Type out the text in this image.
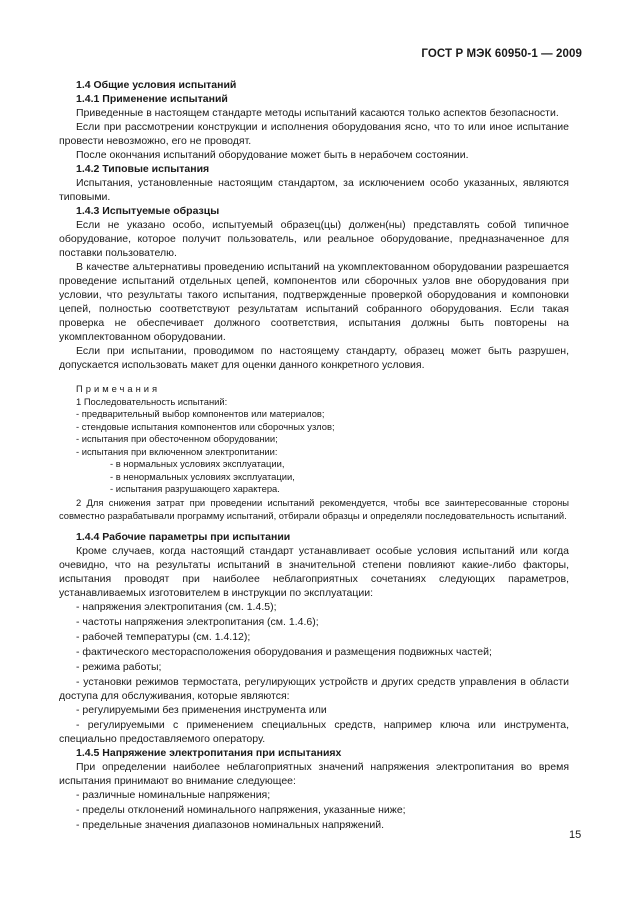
ГОСТ Р МЭК 60950-1 — 2009
1.4 Общие условия испытаний
1.4.1 Применение испытаний
Приведенные в настоящем стандарте методы испытаний касаются только аспектов безопасности.
Если при рассмотрении конструкции и исполнения оборудования ясно, что то или иное испытание провести невозможно, его не проводят.
После окончания испытаний оборудование может быть в нерабочем состоянии.
1.4.2 Типовые испытания
Испытания, установленные настоящим стандартом, за исключением особо указанных, являются типовыми.
1.4.3 Испытуемые образцы
Если не указано особо, испытуемый образец(цы) должен(ны) представлять собой типичное оборудование, которое получит пользователь, или реальное оборудование, предназначенное для поставки пользователю.
В качестве альтернативы проведению испытаний на укомплектованном оборудовании разрешается проведение испытаний отдельных цепей, компонентов или сборочных узлов вне оборудования при условии, что результаты такого испытания, подтвержденные проверкой оборудования и компоновки цепей, полностью соответствуют результатам испытаний собранного оборудования. Если такая проверка не обеспечивает должного соответствия, испытания должны быть повторены на укомплектованном оборудовании.
Если при испытании, проводимом по настоящему стандарту, образец может быть разрушен, допускается использовать макет для оценки данного конкретного условия.
Примечания
1 Последовательность испытаний:
- предварительный выбор компонентов или материалов;
- стендовые испытания компонентов или сборочных узлов;
- испытания при обесточенном оборудовании;
- испытания при включенном электропитании:
- в нормальных условиях эксплуатации,
- в ненормальных условиях эксплуатации,
- испытания разрушающего характера.
2 Для снижения затрат при проведении испытаний рекомендуется, чтобы все заинтересованные стороны совместно разрабатывали программу испытаний, отбирали образцы и определяли последовательность испытаний.
1.4.4 Рабочие параметры при испытании
Кроме случаев, когда настоящий стандарт устанавливает особые условия испытаний или когда очевидно, что на результаты испытаний в значительной степени повлияют какие-либо факторы, испытания проводят при наиболее неблагоприятных сочетаниях следующих параметров, устанавливаемых изготовителем в инструкции по эксплуатации:
- напряжения электропитания (см. 1.4.5);
- частоты напряжения электропитания (см. 1.4.6);
- рабочей температуры (см. 1.4.12);
- фактического месторасположения оборудования и размещения подвижных частей;
- режима работы;
- установки режимов термостата, регулирующих устройств и других средств управления в области доступа для обслуживания, которые являются:
- регулируемыми без применения инструмента или
- регулируемыми с применением специальных средств, например ключа или инструмента, специально предоставляемого оператору.
1.4.5 Напряжение электропитания при испытаниях
При определении наиболее неблагоприятных значений напряжения электропитания во время испытания принимают во внимание следующее:
- различные номинальные напряжения;
- пределы отклонений номинального напряжения, указанные ниже;
- предельные значения диапазонов номинальных напряжений.
15
